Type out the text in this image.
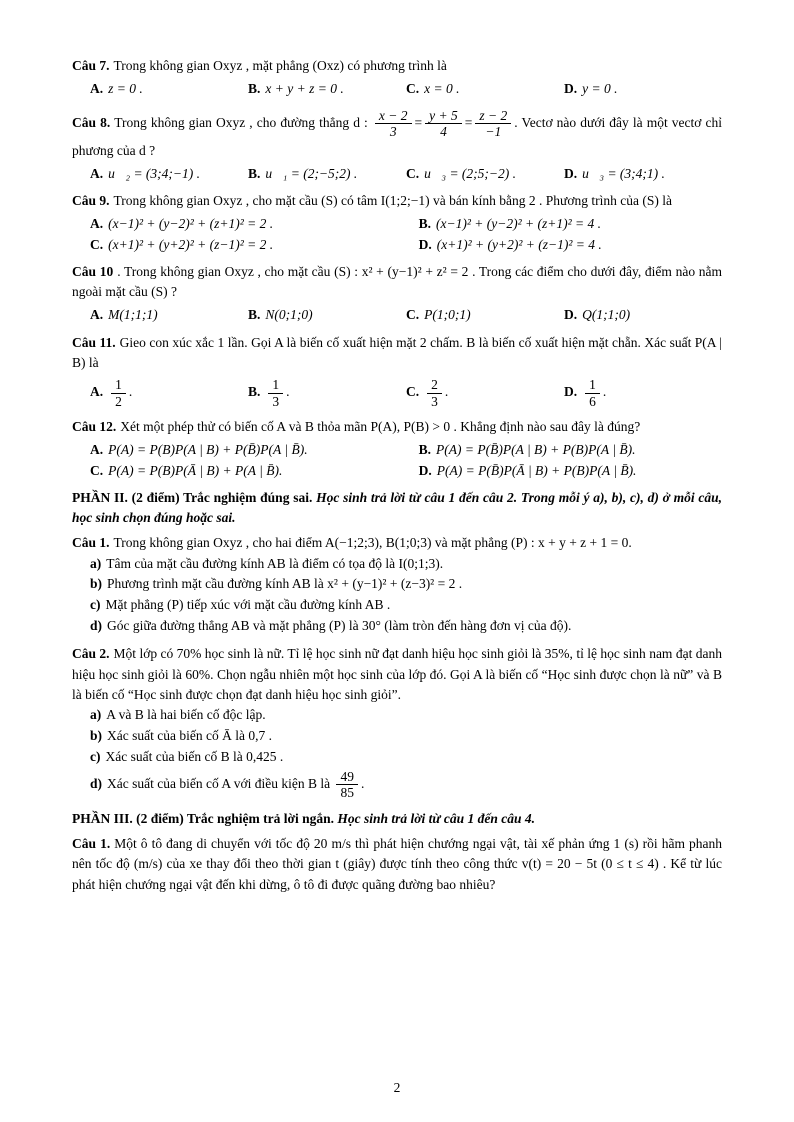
Câu 7. Trong không gian Oxyz , mặt phẳng (Oxz) có phương trình là

A. z = 0 .	B. x + y + z = 0 .	C. x = 0 .	D. y = 0 .

Câu 8. Trong không gian Oxyz , cho đường thẳng d : $\frac{x - 2}{3} = \frac{y + 5}{4} = \frac{z - 2}{-1}$ . Vectơ nào dưới đây là một vectơ chỉ phương của d ?

A. u⃗₂ = (3;4;−1) .	B. u⃗₁ = (2;−5;2) .	C. u⃗₃ = (2;5;−2) .	D. u⃗₃ = (3;4;1) .

Câu 9. Trong không gian Oxyz , cho mặt cầu (S) có tâm I(1;2;−1) và bán kính bằng 2 . Phương trình của (S) là

A. (x−1)² + (y−2)² + (z+1)² = 2 .	B. (x−1)² + (y−2)² + (z+1)² = 4 .
C. (x+1)² + (y+2)² + (z−1)² = 2 .	D. (x+1)² + (y+2)² + (z−1)² = 4 .

Câu 10 . Trong không gian Oxyz , cho mặt cầu (S) : x² + (y−1)² + z² = 2 . Trong các điểm cho dưới đây, điểm nào nằm ngoài mặt cầu (S) ?

A. M(1;1;1)	B. N(0;1;0)	C. P(1;0;1)	D. Q(1;1;0)

Câu 11. Gieo con xúc xắc 1 lần. Gọi A là biến cố xuất hiện mặt 2 chấm. B là biến cố xuất hiện mặt chẵn. Xác suất P(A | B) là

A. $\frac{1}{2}$ .	B. $\frac{1}{3}$ .	C. $\frac{2}{3}$ .	D. $\frac{1}{6}$ .

Câu 12. Xét một phép thử có biến cố A và B thỏa mãn P(A), P(B) > 0 . Khẳng định nào sau đây là đúng?

A. P(A) = P(B)P(A | B) + P(B̄)P(A | B̄).	B. P(A) = P(B̄)P(A | B) + P(B)P(A | B̄).
C. P(A) = P(B)P(Ā | B) + P(A | B̄).	D. P(A) = P(B̄)P(Ā | B) + P(B)P(A | B̄).

PHẦN II. (2 điểm) Trắc nghiệm đúng sai. Học sinh trả lời từ câu 1 đến câu 2. Trong mỗi ý a), b), c), d) ở mỗi câu, học sinh chọn đúng hoặc sai.

Câu 1. Trong không gian Oxyz , cho hai điểm A(−1;2;3), B(1;0;3) và mặt phẳng (P) : x + y + z + 1 = 0.

a) Tâm của mặt cầu đường kính AB là điểm có tọa độ là I(0;1;3).

b) Phương trình mặt cầu đường kính AB là x² + (y−1)² + (z−3)² = 2 .

c) Mặt phẳng (P) tiếp xúc với mặt cầu đường kính AB .

d) Góc giữa đường thẳng AB và mặt phẳng (P) là 30° (làm tròn đến hàng đơn vị của độ).

Câu 2. Một lớp có 70% học sinh là nữ. Tỉ lệ học sinh nữ đạt danh hiệu học sinh giỏi là 35%, tỉ lệ học sinh nam đạt danh hiệu học sinh giỏi là 60%. Chọn ngẫu nhiên một học sinh của lớp đó. Gọi A là biến cố “Học sinh được chọn là nữ” và B là biến cố “Học sinh được chọn đạt danh hiệu học sinh giỏi”.

a) A và B là hai biến cố độc lập.

b) Xác suất của biến cố Ā là 0,7 .

c) Xác suất của biến cố B là 0,425 .

d) Xác suất của biến cố A với điều kiện B là $\frac{49}{85}$ .

PHẦN III. (2 điểm) Trắc nghiệm trả lời ngắn. Học sinh trả lời từ câu 1 đến câu 4.

Câu 1. Một ô tô đang di chuyển với tốc độ 20 m/s thì phát hiện chướng ngại vật, tài xế phản ứng 1 (s) rồi hãm phanh nên tốc độ (m/s) của xe thay đổi theo thời gian t (giây) được tính theo công thức v(t) = 20 − 5t (0 ≤ t ≤ 4) . Kể từ lúc phát hiện chướng ngại vật đến khi dừng, ô tô đi được quãng đường bao nhiêu?

2
